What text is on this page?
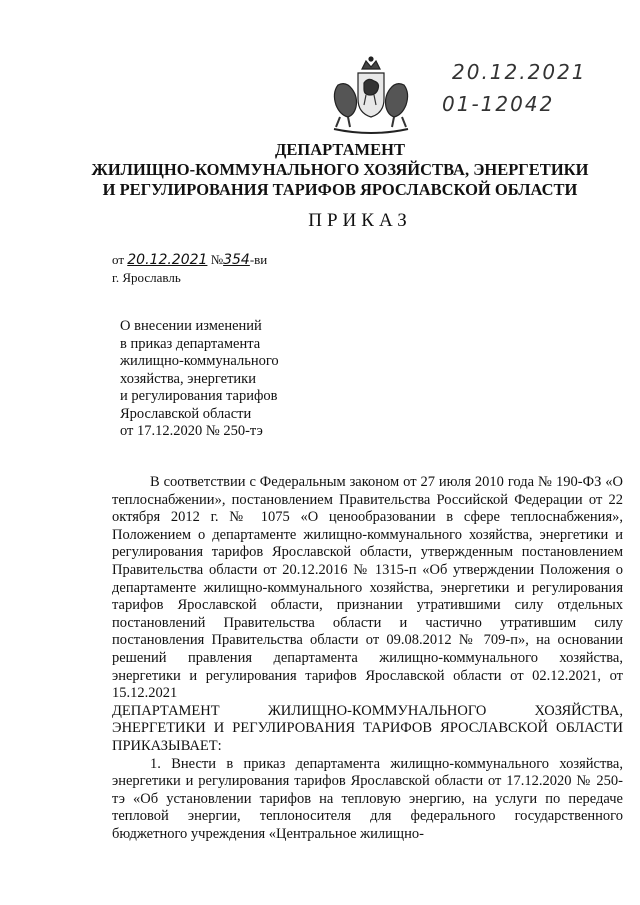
20.12.2021
01-12042
ДЕПАРТАМЕНТ
ЖИЛИЩНО-КОММУНАЛЬНОГО ХОЗЯЙСТВА, ЭНЕРГЕТИКИ
И РЕГУЛИРОВАНИЯ ТАРИФОВ ЯРОСЛАВСКОЙ ОБЛАСТИ
ПРИКАЗ
от 20.12.2021 №354-ви
г. Ярославль
О внесении изменений
в приказ департамента
жилищно-коммунального
хозяйства, энергетики
и регулирования тарифов
Ярославской области
от 17.12.2020 № 250-тэ

В соответствии с Федеральным законом от 27 июля 2010 года № 190-ФЗ «О теплоснабжении», постановлением Правительства Российской Федерации от 22 октября 2012 г. № 1075 «О ценообразовании в сфере теплоснабжения», Положением о департаменте жилищно-коммунального хозяйства, энергетики и регулирования тарифов Ярославской области, утвержденным постановлением Правительства области от 20.12.2016 № 1315-п «Об утверждении Положения о департаменте жилищно-коммунального хозяйства, энергетики и регулирования тарифов Ярославской области, признании утратившими силу отдельных постановлений Правительства области и частично утратившим силу постановления Правительства области от 09.08.2012 № 709-п», на основании решений правления департамента жилищно-коммунального хозяйства, энергетики и регулирования тарифов Ярославской области от 02.12.2021, от 15.12.2021

ДЕПАРТАМЕНТ ЖИЛИЩНО-КОММУНАЛЬНОГО ХОЗЯЙСТВА, ЭНЕРГЕТИКИ И РЕГУЛИРОВАНИЯ ТАРИФОВ ЯРОСЛАВСКОЙ ОБЛАСТИ ПРИКАЗЫВАЕТ:

1. Внести в приказ департамента жилищно-коммунального хозяйства, энергетики и регулирования тарифов Ярославской области от 17.12.2020 № 250-тэ «Об установлении тарифов на тепловую энергию, на услуги по передаче тепловой энергии, теплоносителя для федерального государственного бюджетного учреждения «Центральное жилищно-
